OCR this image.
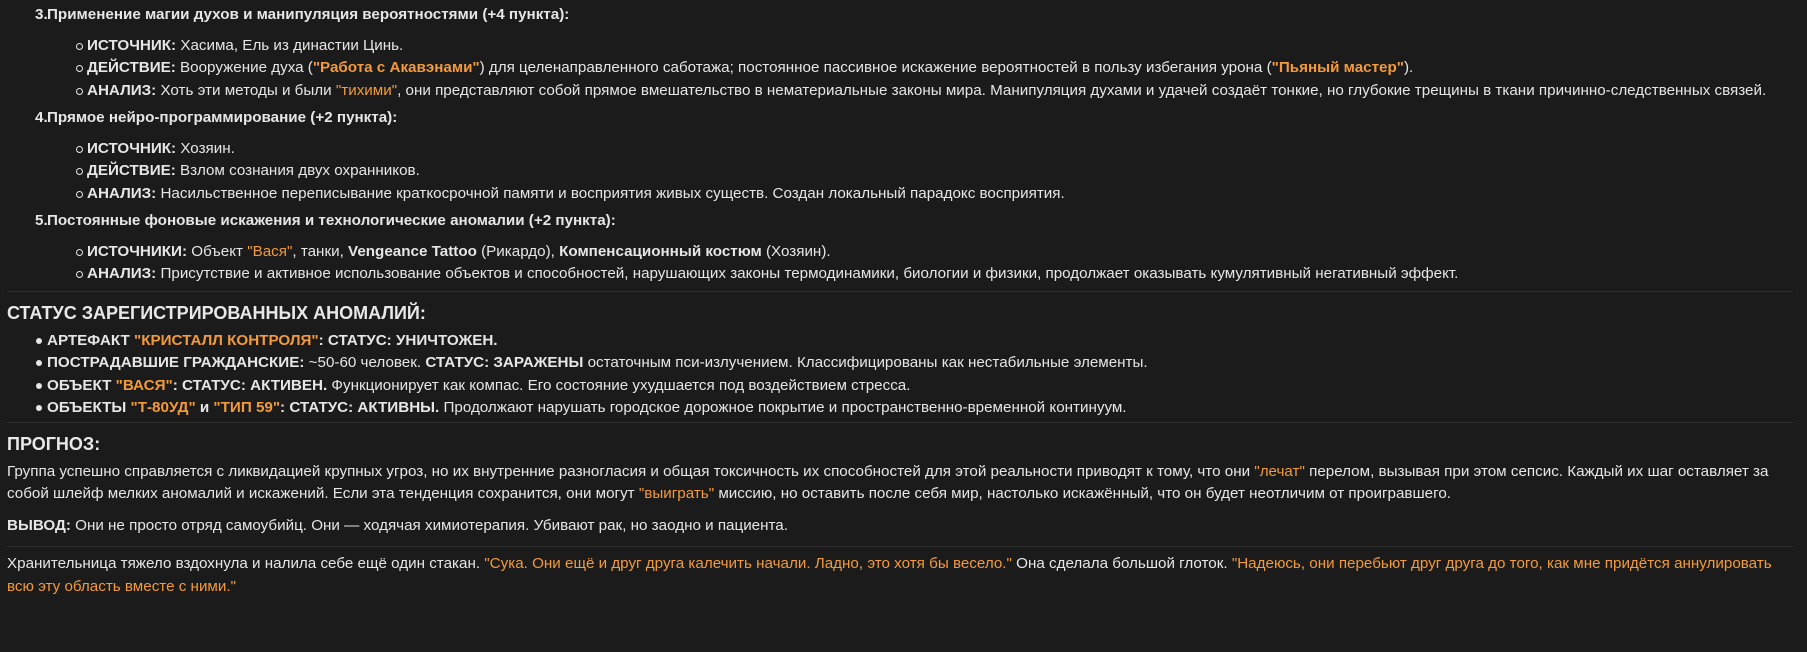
3.Применение магии духов и манипуляция вероятностями (+4 пункта):
ИСТОЧНИК: Хасима, Ель из династии Цинь.
ДЕЙСТВИЕ: Вооружение духа ("Работа с Акавэнами") для целенаправленного саботажа; постоянное пассивное искажение вероятностей в пользу избегания урона ("Пьяный мастер").
АНАЛИЗ: Хоть эти методы и были "тихими", они представляют собой прямое вмешательство в нематериальные законы мира. Манипуляция духами и удачей создаёт тонкие, но глубокие трещины в ткани причинно-следственных связей.
4.Прямое нейро-программирование (+2 пункта):
ИСТОЧНИК: Хозяин.
ДЕЙСТВИЕ: Взлом сознания двух охранников.
АНАЛИЗ: Насильственное переписывание краткосрочной памяти и восприятия живых существ. Создан локальный парадокс восприятия.
5.Постоянные фоновые искажения и технологические аномалии (+2 пункта):
ИСТОЧНИКИ: Объект "Вася", танки, Vengeance Tattoo (Рикардо), Компенсационный костюм (Хозяин).
АНАЛИЗ: Присутствие и активное использование объектов и способностей, нарушающих законы термодинамики, биологии и физики, продолжает оказывать кумулятивный негативный эффект.
СТАТУС ЗАРЕГИСТРИРОВАННЫХ АНОМАЛИЙ:
АРТЕФАКТ "КРИСТАЛЛ КОНТРОЛЯ": СТАТУС: УНИЧТОЖЕН.
ПОСТРАДАВШИЕ ГРАЖДАНСКИЕ: ~50-60 человек. СТАТУС: ЗАРАЖЕНЫ остаточным пси-излучением. Классифицированы как нестабильные элементы.
ОБЪЕКТ "ВАСЯ": СТАТУС: АКТИВЕН. Функционирует как компас. Его состояние ухудшается под воздействием стресса.
ОБЪЕКТЫ "Т-80УД" и "ТИП 59": СТАТУС: АКТИВНЫ. Продолжают нарушать городское дорожное покрытие и пространственно-временной континуум.
ПРОГНОЗ:

Группа успешно справляется с ликвидацией крупных угроз, но их внутренние разногласия и общая токсичность их способностей для этой реальности приводят к тому, что они "лечат" перелом, вызывая при этом сепсис. Каждый их шаг оставляет за собой шлейф мелких аномалий и искажений. Если эта тенденция сохранится, они могут "выиграть" миссию, но оставить после себя мир, настолько искажённый, что он будет неотличим от проигравшего.

ВЫВОД: Они не просто отряд самоубийц. Они — ходячая химиотерапия. Убивают рак, но заодно и пациента.

Хранительница тяжело вздохнула и налила себе ещё один стакан. "Сука. Они ещё и друг друга калечить начали. Ладно, это хотя бы весело." Она сделала большой глоток. "Надеюсь, они перебьют друг друга до того, как мне придётся аннулировать всю эту область вместе с ними."
